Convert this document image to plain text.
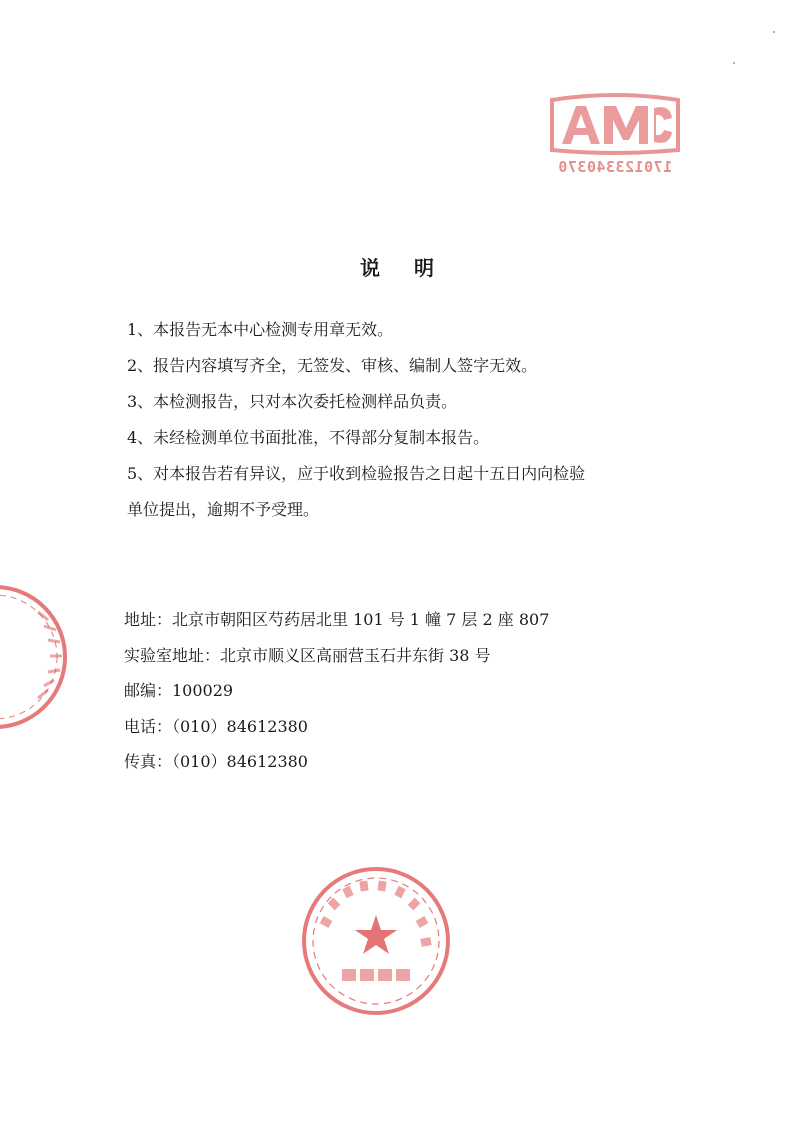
170123340370
说明
1、本报告无本中心检测专用章无效。
2、报告内容填写齐全，无签发、审核、编制人签字无效。
3、本检测报告，只对本次委托检测样品负责。
4、未经检测单位书面批准，不得部分复制本报告。
5、对本报告若有异议，应于收到检验报告之日起十五日内向检验
单位提出，逾期不予受理。
地址：北京市朝阳区芍药居北里 101 号 1 幢 7 层 2 座 807
实验室地址：北京市顺义区高丽营玉石井东街 38 号
邮编：100029
电话：（010）84612380
传真：（010）84612380
